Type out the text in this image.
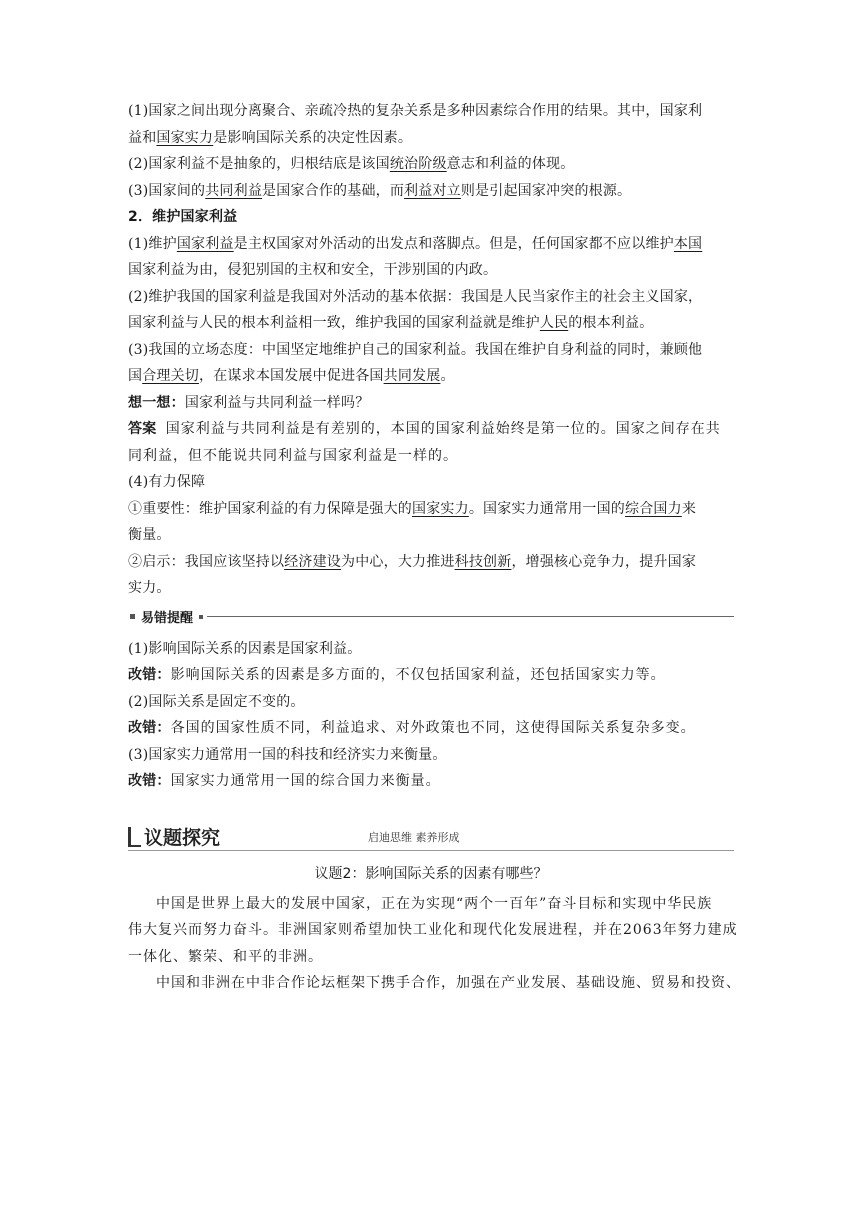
(1)国家之间出现分离聚合、亲疏冷热的复杂关系是多种因素综合作用的结果。其中，国家利
益和国家实力是影响国际关系的决定性因素。
(2)国家利益不是抽象的，归根结底是该国统治阶级意志和利益的体现。
(3)国家间的共同利益是国家合作的基础，而利益对立则是引起国家冲突的根源。
2．维护国家利益
(1)维护国家利益是主权国家对外活动的出发点和落脚点。但是，任何国家都不应以维护本国
国家利益为由，侵犯别国的主权和安全，干涉别国的内政。
(2)维护我国的国家利益是我国对外活动的基本依据：我国是人民当家作主的社会主义国家，
国家利益与人民的根本利益相一致，维护我国的国家利益就是维护人民的根本利益。
(3)我国的立场态度：中国坚定地维护自己的国家利益。我国在维护自身利益的同时，兼顾他
国合理关切，在谋求本国发展中促进各国共同发展。
想一想：国家利益与共同利益一样吗？
答案 国家利益与共同利益是有差别的，本国的国家利益始终是第一位的。国家之间存在共
同利益，但不能说共同利益与国家利益是一样的。
(4)有力保障
①重要性：维护国家利益的有力保障是强大的国家实力。国家实力通常用一国的综合国力来
衡量。
②启示：我国应该坚持以经济建设为中心，大力推进科技创新，增强核心竞争力，提升国家
实力。
易错提醒
(1)影响国际关系的因素是国家利益。
改错：影响国际关系的因素是多方面的，不仅包括国家利益，还包括国家实力等。
(2)国际关系是固定不变的。
改错：各国的国家性质不同，利益追求、对外政策也不同，这使得国际关系复杂多变。
(3)国家实力通常用一国的科技和经济实力来衡量。
改错：国家实力通常用一国的综合国力来衡量。
议题探究	启迪思维 素养形成
议题2：影响国际关系的因素有哪些？
中国是世界上最大的发展中国家，正在为实现“两个一百年”奋斗目标和实现中华民族
伟大复兴而努力奋斗。非洲国家则希望加快工业化和现代化发展进程，并在2063年努力建成
一体化、繁荣、和平的非洲。
中国和非洲在中非合作论坛框架下携手合作，加强在产业发展、基础设施、贸易和投资、
